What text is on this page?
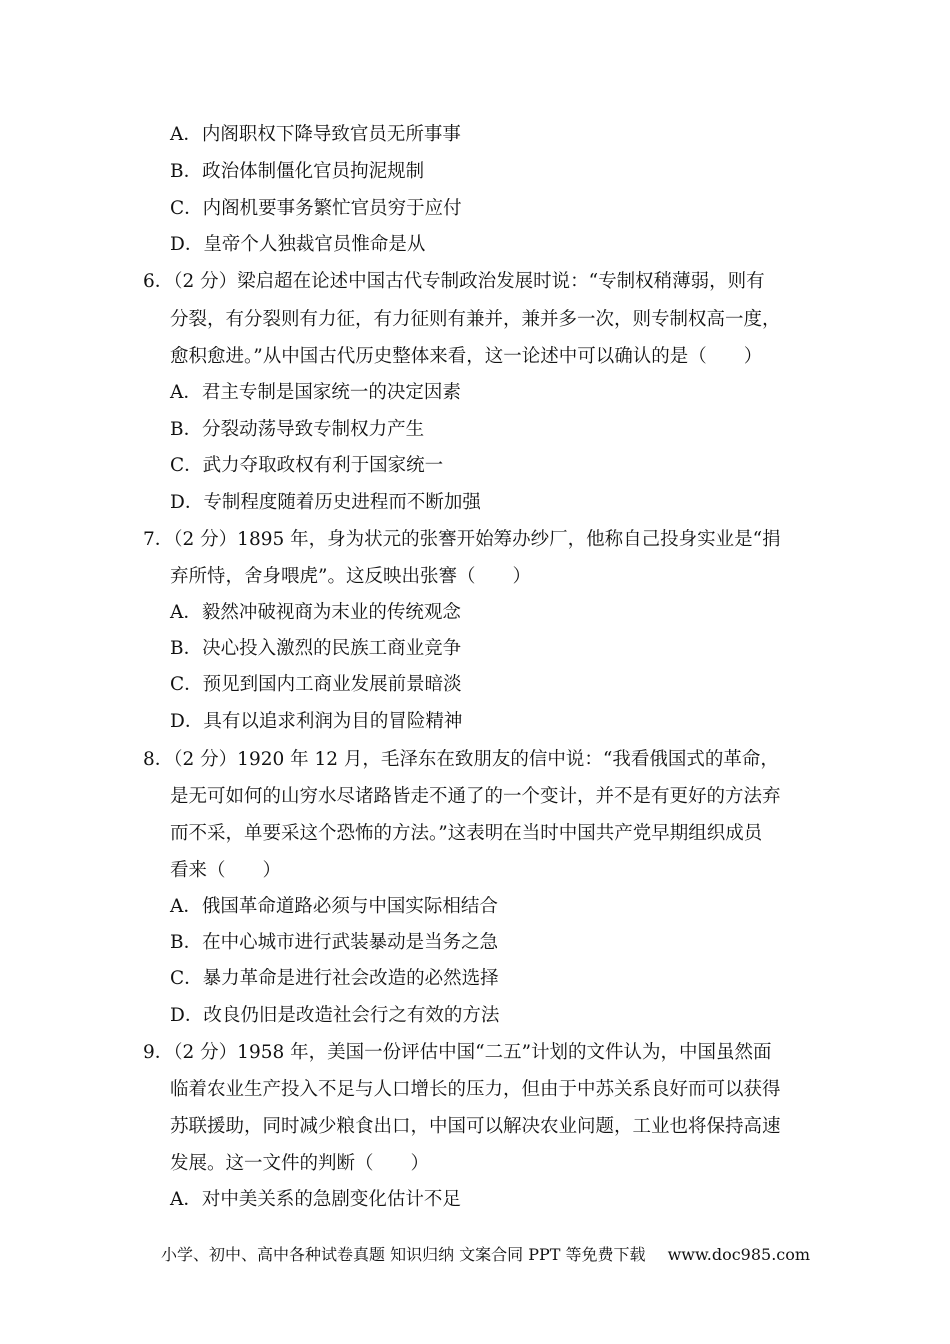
A．内阁职权下降导致官员无所事事
B．政治体制僵化官员拘泥规制
C．内阁机要事务繁忙官员穷于应付
D．皇帝个人独裁官员惟命是从
6．（2 分）梁启超在论述中国古代专制政治发展时说：“专制权稍薄弱，则有
分裂，有分裂则有力征，有力征则有兼并，兼并多一次，则专制权高一度，
愈积愈进。”从中国古代历史整体来看，这一论述中可以确认的是（　　）
A．君主专制是国家统一的决定因素
B．分裂动荡导致专制权力产生
C．武力夺取政权有利于国家统一
D．专制程度随着历史进程而不断加强
7．（2 分）1895 年，身为状元的张謇开始筹办纱厂，他称自己投身实业是“捐
弃所恃，舍身喂虎”。这反映出张謇（　　）
A．毅然冲破视商为末业的传统观念
B．决心投入激烈的民族工商业竞争
C．预见到国内工商业发展前景暗淡
D．具有以追求利润为目的冒险精神
8．（2 分）1920 年 12 月，毛泽东在致朋友的信中说：“我看俄国式的革命，
是无可如何的山穷水尽诸路皆走不通了的一个变计，并不是有更好的方法弃
而不采，单要采这个恐怖的方法。”这表明在当时中国共产党早期组织成员
看来（　　）
A．俄国革命道路必须与中国实际相结合
B．在中心城市进行武装暴动是当务之急
C．暴力革命是进行社会改造的必然选择
D．改良仍旧是改造社会行之有效的方法
9．（2 分）1958 年，美国一份评估中国“二五”计划的文件认为，中国虽然面
临着农业生产投入不足与人口增长的压力，但由于中苏关系良好而可以获得
苏联援助，同时减少粮食出口，中国可以解决农业问题，工业也将保持高速
发展。这一文件的判断（　　）
A．对中美关系的急剧变化估计不足
小学、初中、高中各种试卷真题 知识归纳 文案合同 PPT 等免费下载 www.doc985.com
